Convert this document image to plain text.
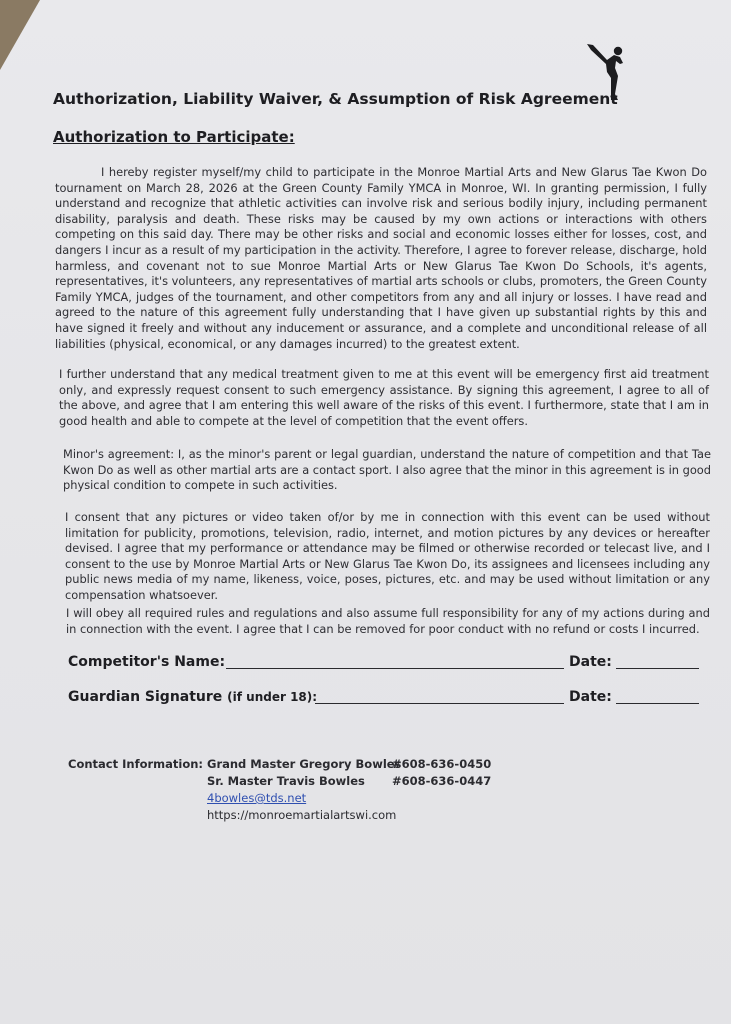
Authorization, Liability Waiver, & Assumption of Risk Agreement
Authorization to Participate:
I hereby register myself/my child to participate in the Monroe Martial Arts and New Glarus Tae Kwon Do tournament on March 28, 2026 at the Green County Family YMCA in Monroe, WI. In granting permission, I fully understand and recognize that athletic activities can involve risk and serious bodily injury, including permanent disability, paralysis and death. These risks may be caused by my own actions or interactions with others competing on this said day. There may be other risks and social and economic losses either for losses, cost, and dangers I incur as a result of my participation in the activity. Therefore, I agree to forever release, discharge, hold harmless, and covenant not to sue Monroe Martial Arts or New Glarus Tae Kwon Do Schools, it's agents, representatives, it's volunteers, any representatives of martial arts schools or clubs, promoters, the Green County Family YMCA, judges of the tournament, and other competitors from any and all injury or losses. I have read and agreed to the nature of this agreement fully understanding that I have given up substantial rights by this and have signed it freely and without any inducement or assurance, and a complete and unconditional release of all liabilities (physical, economical, or any damages incurred) to the greatest extent.
I further understand that any medical treatment given to me at this event will be emergency first aid treatment only, and expressly request consent to such emergency assistance. By signing this agreement, I agree to all of the above, and agree that I am entering this well aware of the risks of this event. I furthermore, state that I am in good health and able to compete at the level of competition that the event offers.
Minor's agreement: I, as the minor's parent or legal guardian, understand the nature of competition and that Tae Kwon Do as well as other martial arts are a contact sport. I also agree that the minor in this agreement is in good physical condition to compete in such activities.
I consent that any pictures or video taken of/or by me in connection with this event can be used without limitation for publicity, promotions, television, radio, internet, and motion pictures by any devices or hereafter devised. I agree that my performance or attendance may be filmed or otherwise recorded or telecast live, and I consent to the use by Monroe Martial Arts or New Glarus Tae Kwon Do, its assignees and licensees including any public news media of my name, likeness, voice, poses, pictures, etc. and may be used without limitation or any compensation whatsoever.
I will obey all required rules and regulations and also assume full responsibility for any of my actions during and in connection with the event. I agree that I can be removed for poor conduct with no refund or costs I incurred.
Competitor's Name:	Date:
Guardian Signature (if under 18):	Date:
Contact Information: Grand Master Gregory Bowles
#608-636-0450
Sr. Master Travis Bowles #608-636-0447
4bowles@tds.net
https://monroemartialartswi.com
